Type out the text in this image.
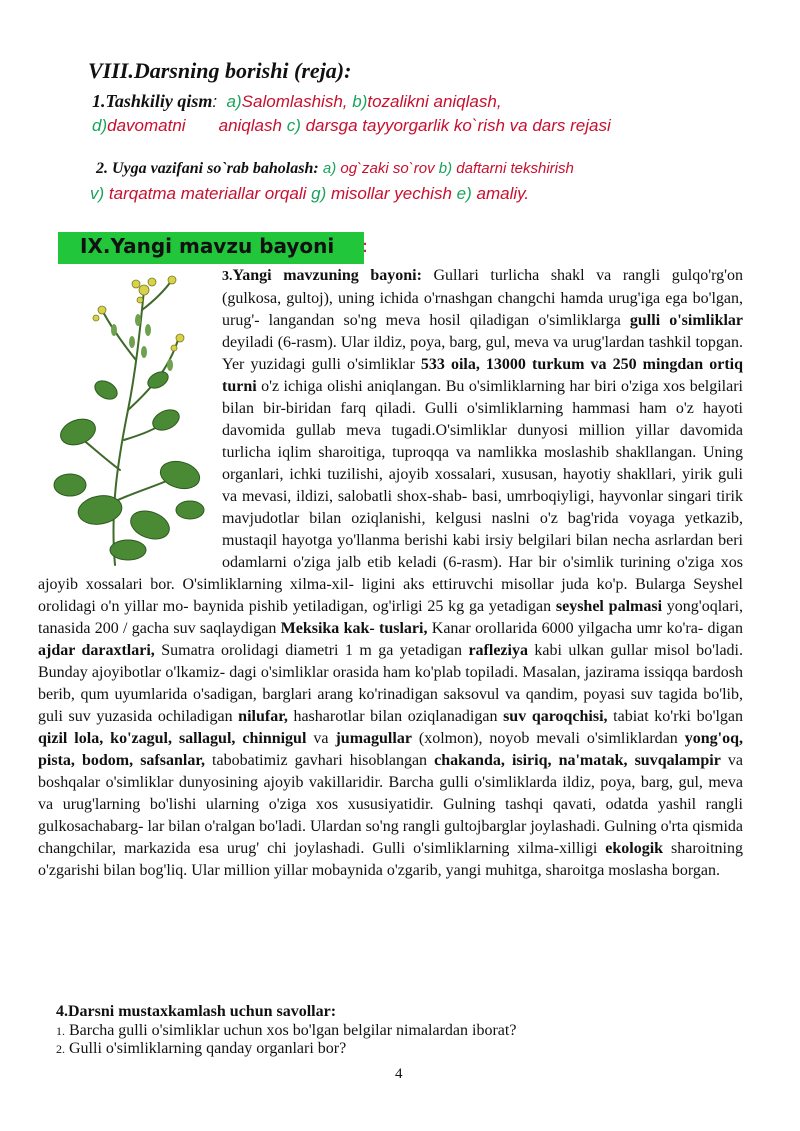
VIII.Darsning borishi (reja):

1.Tashkiliy qism: a)Salomlashish, b)tozalikni aniqlash,

d)davomatni       aniqlash c) darsga tayyorgarlik ko`rish va dars rejasi

2. Uyga vazifani so`rab baholash: a) og`zaki so`rov b) daftarni tekshirish

v) tarqatma materiallar orqali g) misollar yechish e) amaliy.

IX.Yangi mavzu bayoni :

3.Yangi mavzuning bayoni: Gullari turlicha shakl va rangli gulqo'rg'on (gulkosa, gultoj), uning ichida o'rnashgan changchi hamda urug'iga ega bo'lgan, urug'- langandan so'ng meva hosil qiladigan o'simliklarga gulli o'simliklar deyiladi (6-rasm). Ular ildiz, poya, barg, gul, meva va urug'lardan tashkil topgan. Yer yuzidagi gulli o'simliklar 533 oila, 13000 turkum va 250 mingdan ortiq turni o'z ichiga olishi aniqlangan. Bu o'simliklarning har biri o'ziga xos belgilari bilan bir-biridan farq qiladi. Gulli o'simliklarning hammasi ham o'z hayoti davomida gullab meva tugadi.O'simliklar dunyosi million yillar davomida turlicha iqlim sharoitiga, tuproqqa va namlikka moslashib shakllangan. Uning organlari, ichki tuzilishi, ajoyib xossalari, xususan, hayotiy shakllari, yirik guli va mevasi, ildizi, salobatli shox-shab- basi, umrboqiyligi, hayvonlar singari tirik mavjudotlar bilan oziqlanishi, kelgusi naslni o'z bag'rida voyaga yetkazib, mustaqil hayotga yo'llanma berishi kabi irsiy belgilari bilan necha asrlardan beri odamlarni o'ziga jalb etib keladi (6-rasm). Har bir o'simlik turining o'ziga xos ajoyib xossalari bor. O'simliklarning xilma-xil- ligini aks ettiruvchi misollar juda ko'p. Bularga Seyshel orolidagi o'n yillar mo- baynida pishib yetiladigan, og'irligi 25 kg ga yetadigan seyshel palmasi yong'oqlari, tanasida 200 / gacha suv saqlaydigan Meksika kak- tuslari, Kanar orollarida 6000 yilgacha umr ko'ra- digan ajdar daraxtlari, Sumatra orolidagi diametri 1 m ga yetadigan rafleziya kabi ulkan gullar misol bo'ladi. Bunday ajoyibotlar o'lkamiz- dagi o'simliklar orasida ham ko'plab topiladi. Masalan, jazirama issiqqa bardosh berib, qum uyumlarida o'sadigan, barglari arang ko'rinadigan saksovul va qandim, poyasi suv tagida bo'lib, guli suv yuzasida ochiladigan nilufar, hasharotlar bilan oziqlanadigan suv qaroqchisi, tabiat ko'rki bo'lgan qizil lola, ko'zagul, sallagul, chinnigul va jumagullar (xolmon), noyob mevali o'simliklardan yong'oq, pista, bodom, safsanlar, tabobatimiz gavhari hisoblangan chakanda, isiriq, na'matak, suvqalampir va boshqalar o'simliklar dunyosining ajoyib vakillaridir. Barcha gulli o'simliklarda ildiz, poya, barg, gul, meva va urug'larning bo'lishi ularning o'ziga xos xususiyatidir. Gulning tashqi qavati, odatda yashil rangli gulkosachabarg- lar bilan o'ralgan bo'ladi. Ulardan so'ng rangli gultojbarglar joylashadi. Gulning o'rta qismida changchilar, markazida esa urug' chi joylashadi. Gulli o'simliklarning xilma-xilligi ekologik sharoitning o'zgarishi bilan bog'liq. Ular million yillar mobaynida o'zgarib, yangi muhitga, sharoitga moslasha borgan.

4.Darsni mustaxkamlash uchun savollar:

1. Barcha gulli o'simliklar uchun xos bo'lgan belgilar nimalardan iborat?

2. Gulli o'simliklarning qanday organlari bor?

4
